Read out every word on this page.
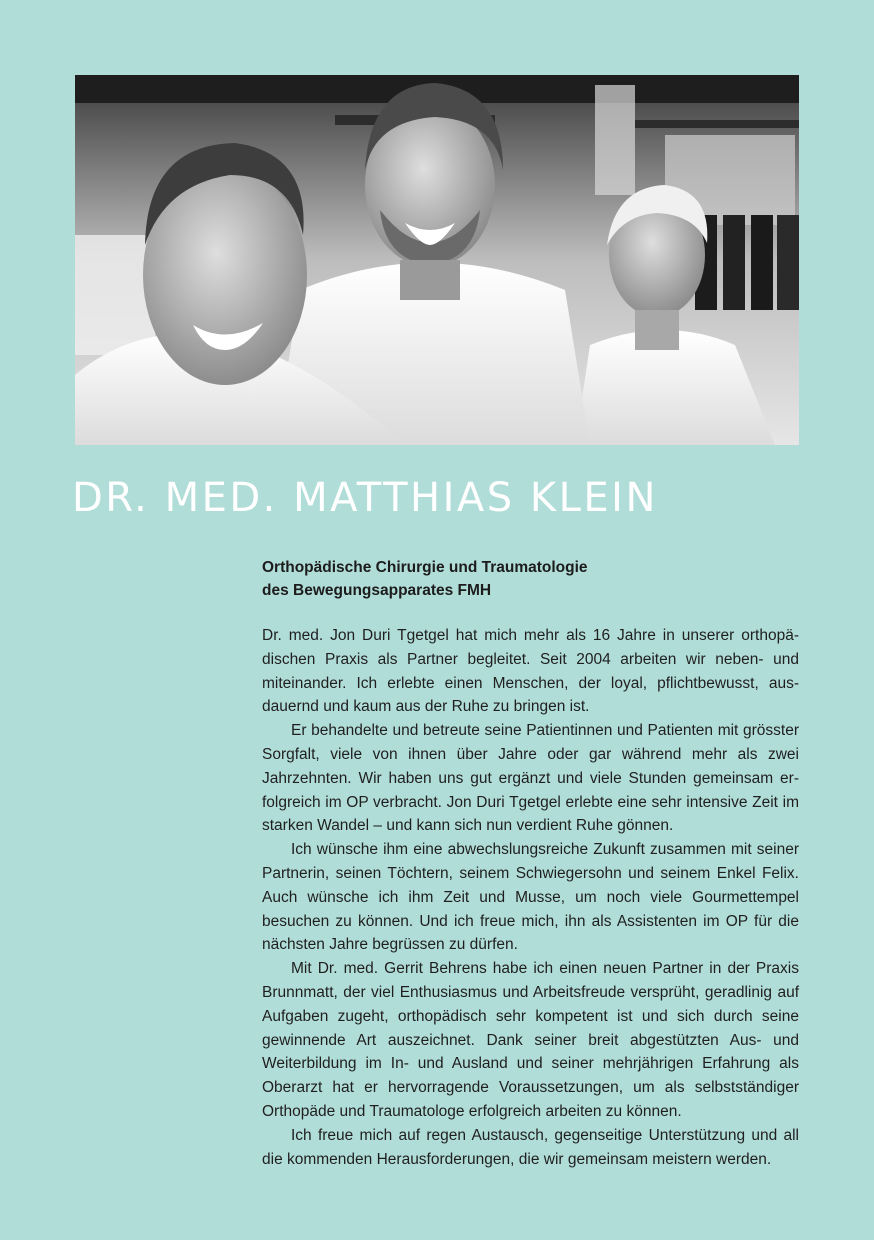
DR. MED. MATTHIAS KLEIN
Orthopädische Chirurgie und Traumatologie
des Bewegungsapparates FMH

Dr. med. Jon Duri Tgetgel hat mich mehr als 16 Jahre in unserer orthopädischen Praxis als Partner begleitet. Seit 2004 arbeiten wir neben- und miteinander. Ich erlebte einen Menschen, der loyal, pflichtbewusst, ausdauernd und kaum aus der Ruhe zu bringen ist.

Er behandelte und betreute seine Patientinnen und Patienten mit grösster Sorgfalt, viele von ihnen über Jahre oder gar während mehr als zwei Jahrzehnten. Wir haben uns gut ergänzt und viele Stunden gemeinsam erfolgreich im OP verbracht. Jon Duri Tgetgel erlebte eine sehr intensive Zeit im starken Wandel – und kann sich nun verdient Ruhe gönnen.

Ich wünsche ihm eine abwechslungsreiche Zukunft zusammen mit seiner Partnerin, seinen Töchtern, seinem Schwiegersohn und seinem Enkel Felix. Auch wünsche ich ihm Zeit und Musse, um noch viele Gourmettempel besuchen zu können. Und ich freue mich, ihn als Assistenten im OP für die nächsten Jahre begrüssen zu dürfen.

Mit Dr. med. Gerrit Behrens habe ich einen neuen Partner in der Praxis Brunnmatt, der viel Enthusiasmus und Arbeitsfreude versprüht, geradlinig auf Aufgaben zugeht, orthopädisch sehr kompetent ist und sich durch seine gewinnende Art auszeichnet. Dank seiner breit abgestützten Aus- und Weiterbildung im In- und Ausland und seiner mehrjährigen Erfahrung als Oberarzt hat er hervorragende Voraussetzungen, um als selbstständiger Orthopäde und Traumatologe erfolgreich arbeiten zu können.

Ich freue mich auf regen Austausch, gegenseitige Unterstützung und all die kommenden Herausforderungen, die wir gemeinsam meistern werden.
